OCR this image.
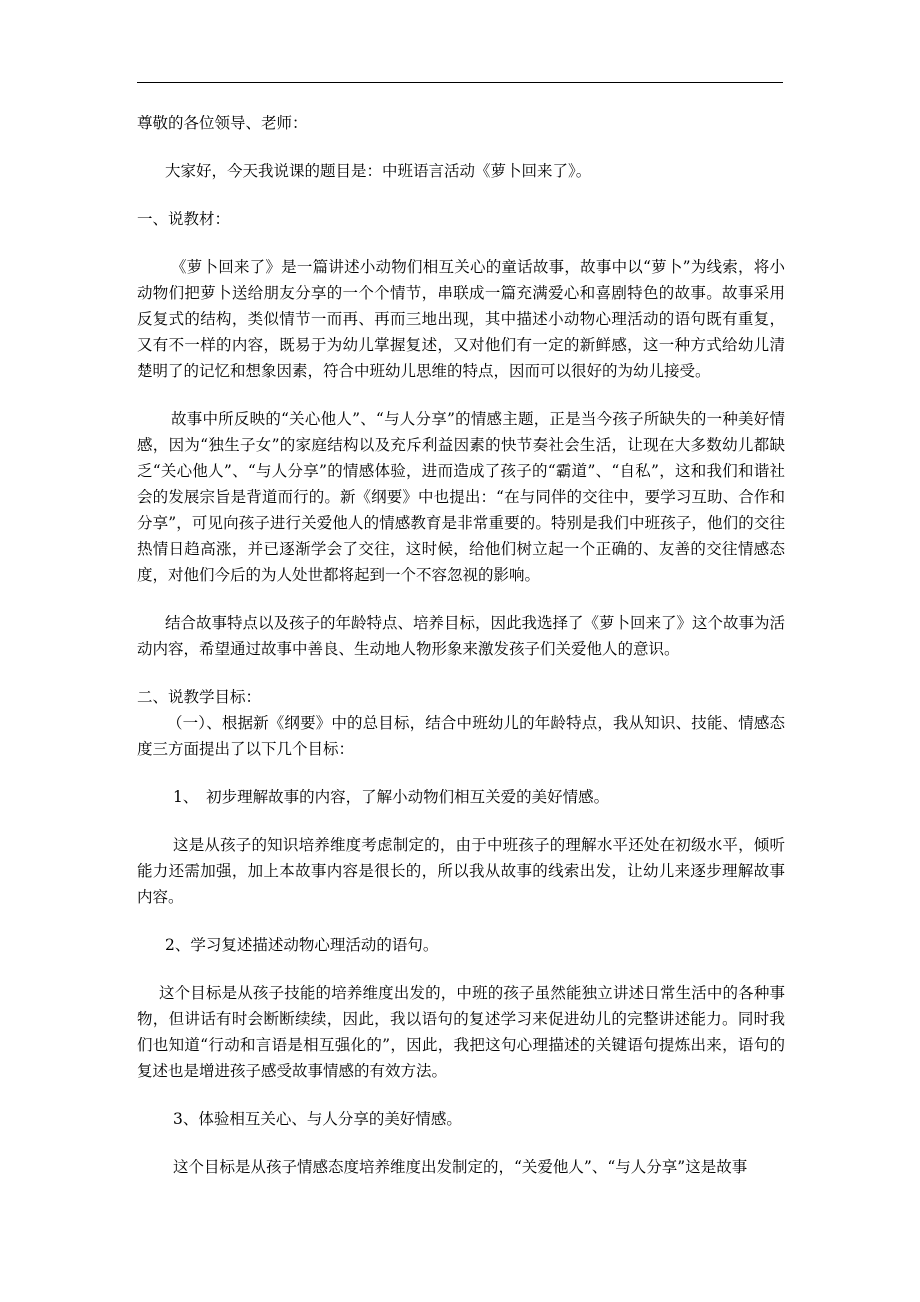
尊敬的各位领导、老师：

大家好，今天我说课的题目是：中班语言活动《萝卜回来了》。

一、说教材：

《萝卜回来了》是一篇讲述小动物们相互关心的童话故事，故事中以“萝卜”为线索，将小动物们把萝卜送给朋友分享的一个个情节，串联成一篇充满爱心和喜剧特色的故事。故事采用反复式的结构，类似情节一而再、再而三地出现，其中描述小动物心理活动的语句既有重复，又有不一样的内容，既易于为幼儿掌握复述，又对他们有一定的新鲜感，这一种方式给幼儿清楚明了的记忆和想象因素，符合中班幼儿思维的特点，因而可以很好的为幼儿接受。

故事中所反映的“关心他人”、“与人分享”的情感主题，正是当今孩子所缺失的一种美好情感，因为“独生子女”的家庭结构以及充斥利益因素的快节奏社会生活，让现在大多数幼儿都缺乏“关心他人”、“与人分享”的情感体验，进而造成了孩子的“霸道”、“自私”，这和我们和谐社会的发展宗旨是背道而行的。新《纲要》中也提出：“在与同伴的交往中，要学习互助、合作和分享”，可见向孩子进行关爱他人的情感教育是非常重要的。特别是我们中班孩子，他们的交往热情日趋高涨，并已逐渐学会了交往，这时候，给他们树立起一个正确的、友善的交往情感态度，对他们今后的为人处世都将起到一个不容忽视的影响。

结合故事特点以及孩子的年龄特点、培养目标，因此我选择了《萝卜回来了》这个故事为活动内容，希望通过故事中善良、生动地人物形象来激发孩子们关爱他人的意识。

二、说教学目标：

（一）、根据新《纲要》中的总目标，结合中班幼儿的年龄特点，我从知识、技能、情感态度三方面提出了以下几个目标：

1、　初步理解故事的内容，了解小动物们相互关爱的美好情感。

这是从孩子的知识培养维度考虑制定的，由于中班孩子的理解水平还处在初级水平，倾听能力还需加强，加上本故事内容是很长的，所以我从故事的线索出发，让幼儿来逐步理解故事内容。

2、学习复述描述动物心理活动的语句。

这个目标是从孩子技能的培养维度出发的，中班的孩子虽然能独立讲述日常生活中的各种事物，但讲话有时会断断续续，因此，我以语句的复述学习来促进幼儿的完整讲述能力。同时我们也知道“行动和言语是相互强化的”，因此，我把这句心理描述的关键语句提炼出来，语句的复述也是增进孩子感受故事情感的有效方法。

3、体验相互关心、与人分享的美好情感。

这个目标是从孩子情感态度培养维度出发制定的，“关爱他人”、“与人分享”这是故事
